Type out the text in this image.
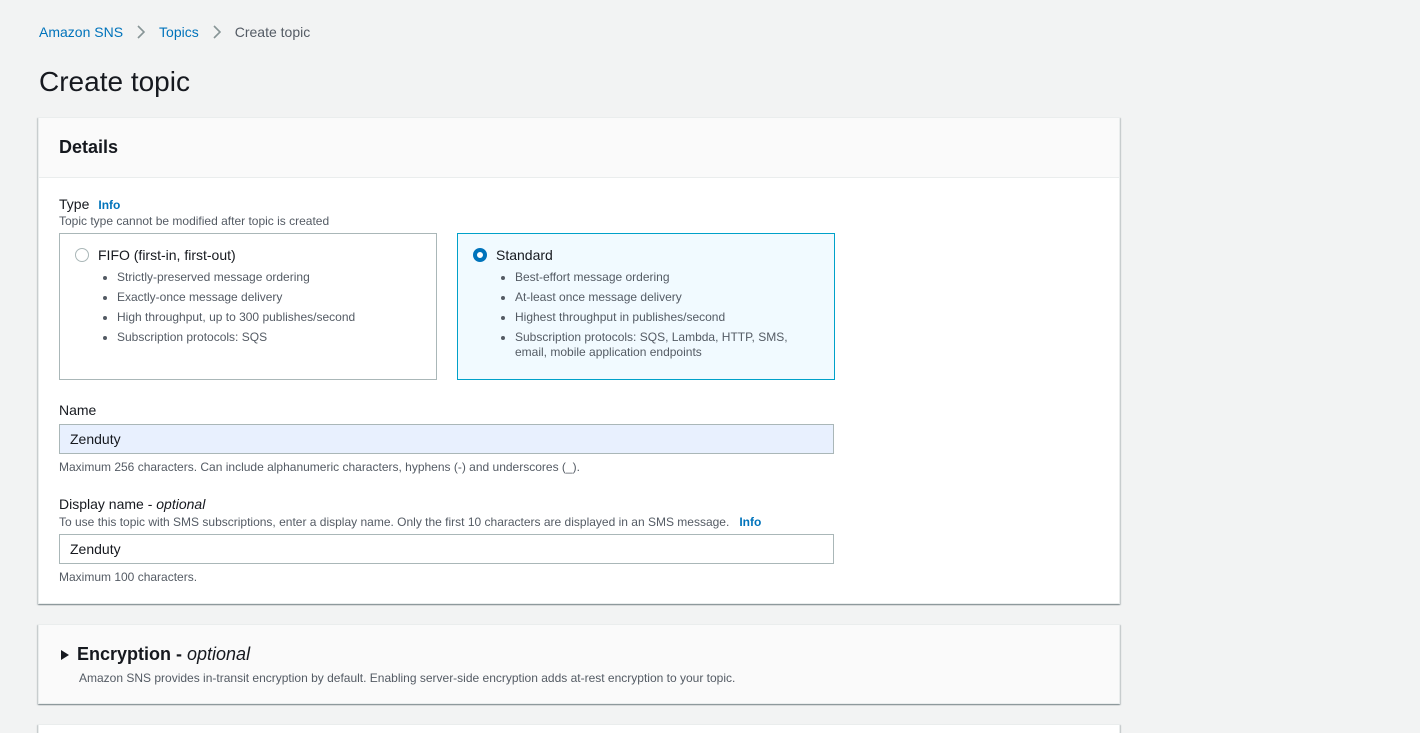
Amazon SNS	Topics	Create topic
Create topic
Details
Type Info
Topic type cannot be modified after topic is created
FIFO (first-in, first-out)
• Strictly-preserved message ordering
• Exactly-once message delivery
• High throughput, up to 300 publishes/second
• Subscription protocols: SQS
Standard
• Best-effort message ordering
• At-least once message delivery
• Highest throughput in publishes/second
• Subscription protocols: SQS, Lambda, HTTP, SMS, email, mobile application endpoints
Name
Zenduty
Maximum 256 characters. Can include alphanumeric characters, hyphens (-) and underscores (_).
Display name - optional
To use this topic with SMS subscriptions, enter a display name. Only the first 10 characters are displayed in an SMS message. Info
Zenduty
Maximum 100 characters.
Encryption - optional
Amazon SNS provides in-transit encryption by default. Enabling server-side encryption adds at-rest encryption to your topic.
